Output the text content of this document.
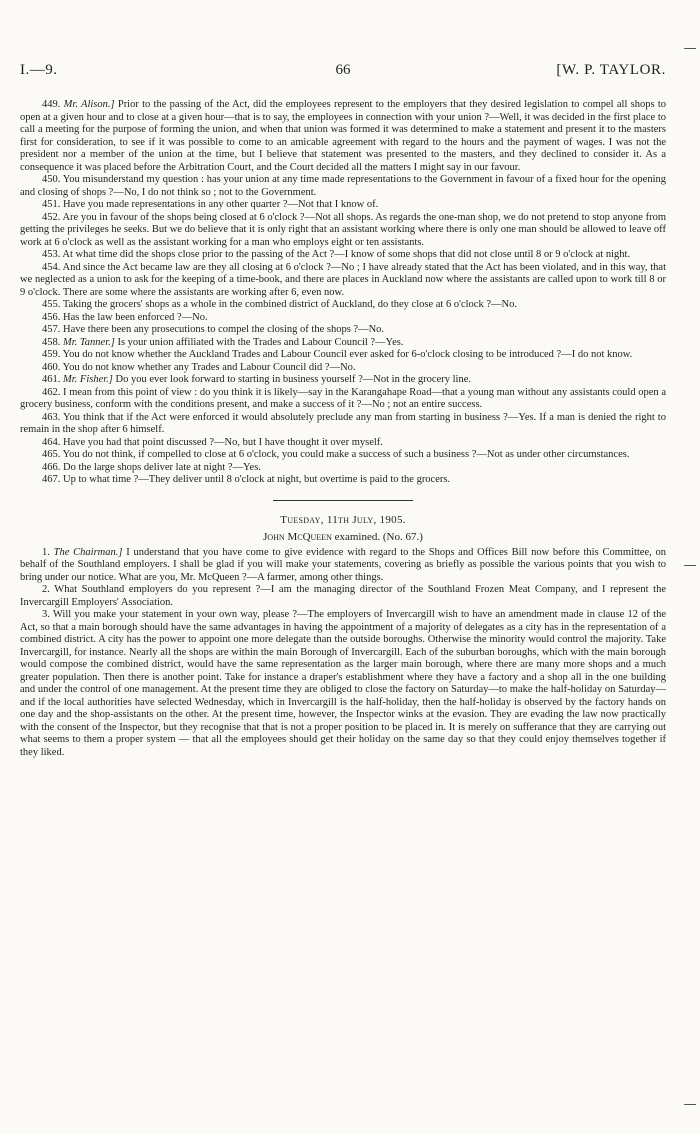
I.—9.	66	[W. P. TAYLOR.

449. Mr. Alison.] Prior to the passing of the Act, did the employees represent to the employers that they desired legislation to compel all shops to open at a given hour and to close at a given hour—that is to say, the employees in connection with your union ?—Well, it was decided in the first place to call a meeting for the purpose of forming the union, and when that union was formed it was determined to make a statement and present it to the masters first for consideration, to see if it was possible to come to an amicable agreement with regard to the hours and the payment of wages. I was not the president nor a member of the union at the time, but I believe that statement was presented to the masters, and they declined to consider it. As a consequence it was placed before the Arbitration Court, and the Court decided all the matters I might say in our favour.

450. You misunderstand my question : has your union at any time made representations to the Government in favour of a fixed hour for the opening and closing of shops ?—No, I do not think so ; not to the Government.

451. Have you made representations in any other quarter ?—Not that I know of.

452. Are you in favour of the shops being closed at 6 o'clock ?—Not all shops. As regards the one-man shop, we do not pretend to stop anyone from getting the privileges he seeks. But we do believe that it is only right that an assistant working where there is only one man should be allowed to leave off work at 6 o'clock as well as the assistant working for a man who employs eight or ten assistants.

453. At what time did the shops close prior to the passing of the Act ?—I know of some shops that did not close until 8 or 9 o'clock at night.

454. And since the Act became law are they all closing at 6 o'clock ?—No ; I have already stated that the Act has been violated, and in this way, that we neglected as a union to ask for the keeping of a time-book, and there are places in Auckland now where the assistants are called upon to work till 8 or 9 o'clock. There are some where the assistants are working after 6, even now.

455. Taking the grocers' shops as a whole in the combined district of Auckland, do they close at 6 o'clock ?—No.

456. Has the law been enforced ?—No.

457. Have there been any prosecutions to compel the closing of the shops ?—No.

458. Mr. Tanner.] Is your union affiliated with the Trades and Labour Council ?—Yes.

459. You do not know whether the Auckland Trades and Labour Council ever asked for 6-o'clock closing to be introduced ?—I do not know.

460. You do not know whether any Trades and Labour Council did ?—No.

461. Mr. Fisher.] Do you ever look forward to starting in business yourself ?—Not in the grocery line.

462. I mean from this point of view : do you think it is likely—say in the Karangahape Road—that a young man without any assistants could open a grocery business, conform with the conditions present, and make a success of it ?—No ; not an entire success.

463. You think that if the Act were enforced it would absolutely preclude any man from starting in business ?—Yes. If a man is denied the right to remain in the shop after 6 himself.

464. Have you had that point discussed ?—No, but I have thought it over myself.

465. You do not think, if compelled to close at 6 o'clock, you could make a success of such a business ?—Not as under other circumstances.

466. Do the large shops deliver late at night ?—Yes.

467. Up to what time ?—They deliver until 8 o'clock at night, but overtime is paid to the grocers.

Tuesday, 11th July, 1905.
John McQueen examined. (No. 67.)

1. The Chairman.] I understand that you have come to give evidence with regard to the Shops and Offices Bill now before this Committee, on behalf of the Southland employers. I shall be glad if you will make your statements, covering as briefly as possible the various points that you wish to bring under our notice. What are you, Mr. McQueen ?—A farmer, among other things.

2. What Southland employers do you represent ?—I am the managing director of the Southland Frozen Meat Company, and I represent the Invercargill Employers' Association.

3. Will you make your statement in your own way, please ?—The employers of Invercargill wish to have an amendment made in clause 12 of the Act, so that a main borough should have the same advantages in having the appointment of a majority of delegates as a city has in the representation of a combined district. A city has the power to appoint one more delegate than the outside boroughs. Otherwise the minority would control the majority. Take Invercargill, for instance. Nearly all the shops are within the main Borough of Invercargill. Each of the suburban boroughs, which with the main borough would compose the combined district, would have the same representation as the larger main borough, where there are many more shops and a much greater population. Then there is another point. Take for instance a draper's establishment where they have a factory and a shop all in the one building and under the control of one management. At the present time they are obliged to close the factory on Saturday—to make the half-holiday on Saturday—and if the local authorities have selected Wednesday, which in Invercargill is the half-holiday, then the half-holiday is observed by the factory hands on one day and the shop-assistants on the other. At the present time, however, the Inspector winks at the evasion. They are evading the law now practically with the consent of the Inspector, but they recognise that that is not a proper position to be placed in. It is merely on sufferance that they are carrying out what seems to them a proper system — that all the employees should get their holiday on the same day so that they could enjoy themselves together if they liked.
